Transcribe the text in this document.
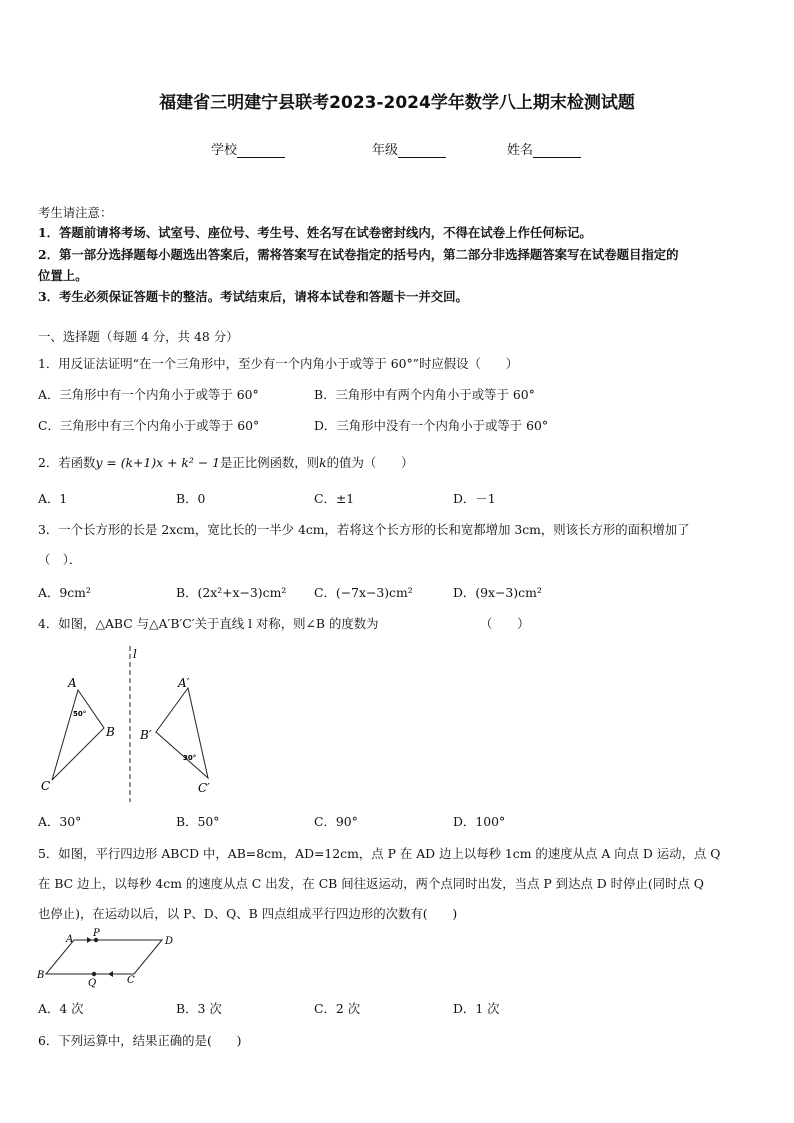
福建省三明建宁县联考2023-2024学年数学八上期末检测试题
学校	年级	姓名
考生请注意：
1．答题前请将考场、试室号、座位号、考生号、姓名写在试卷密封线内，不得在试卷上作任何标记。
2．第一部分选择题每小题选出答案后，需将答案写在试卷指定的括号内，第二部分非选择题答案写在试卷题目指定的
位置上。
3．考生必须保证答题卡的整洁。考试结束后，请将本试卷和答题卡一并交回。
一、选择题（每题 4 分，共 48 分）
1．用反证法证明“在一个三角形中，至少有一个内角小于或等于 60°”时应假设（　　）
A．三角形中有一个内角小于或等于 60°	B．三角形中有两个内角小于或等于 60°
C．三角形中有三个内角小于或等于 60°	D．三角形中没有一个内角小于或等于 60°
2．若函数y = (k+1)x + k² − 1是正比例函数，则k的值为（　　）
A．1	B．0	C．±1	D．－1
3．一个长方形的长是 2xcm，宽比长的一半少 4cm，若将这个长方形的长和宽都增加 3cm，则该长方形的面积增加了
（　）．
A．9cm²	B．(2x²+x−3)cm² C．(−7x−3)cm²	D．(9x−3)cm²
4．如图，△ABC 与△A′B′C′关于直线 l 对称，则∠B 的度数为	（　　）
l
A
B
C
50°
A′
B′
C′
30°
A．30°	B．50°	C．90°	D．100°
5．如图，平行四边形 ABCD 中，AB=8cm，AD=12cm，点 P 在 AD 边上以每秒 1cm 的速度从点 A 向点 D 运动，点 Q
在 BC 边上，以每秒 4cm 的速度从点 C 出发，在 CB 间往返运动，两个点同时出发，当点 P 到达点 D 时停止(同时点 Q
也停止)，在运动以后，以 P、D、Q、B 四点组成平行四边形的次数有(　　)
A
P
D
B
Q	C
A．4 次	B．3 次	C．2 次	D．1 次
6．下列运算中，结果正确的是(　　)
